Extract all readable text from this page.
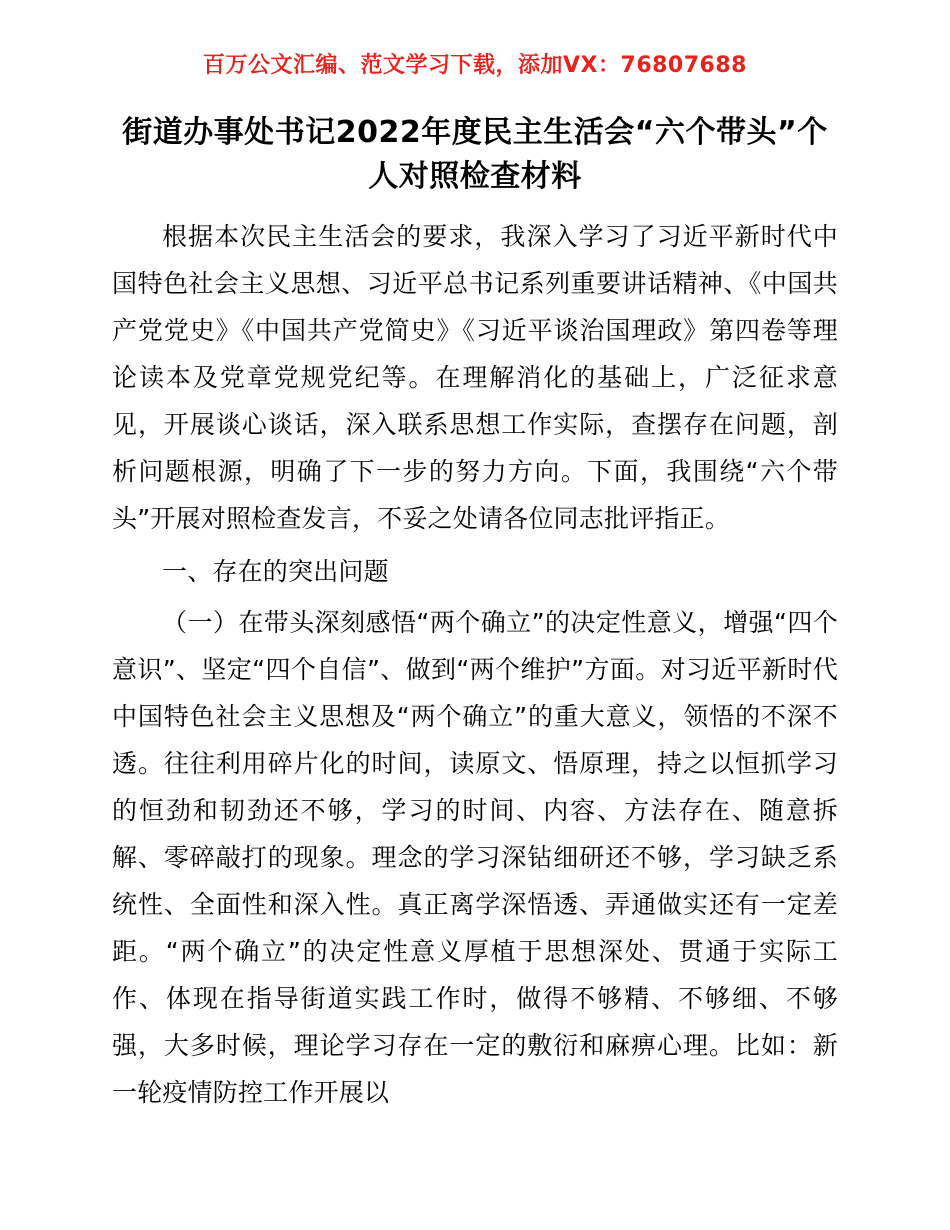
百万公文汇编、范文学习下载，添加VX：76807688
街道办事处书记2022年度民主生活会“六个带头”个人对照检查材料

根据本次民主生活会的要求，我深入学习了习近平新时代中国特色社会主义思想、习近平总书记系列重要讲话精神、《中国共产党党史》《中国共产党简史》《习近平谈治国理政》第四卷等理论读本及党章党规党纪等。在理解消化的基础上，广泛征求意见，开展谈心谈话，深入联系思想工作实际，查摆存在问题，剖析问题根源，明确了下一步的努力方向。下面，我围绕“六个带头”开展对照检查发言，不妥之处请各位同志批评指正。

一、存在的突出问题

（一）在带头深刻感悟“两个确立”的决定性意义，增强“四个意识”、坚定“四个自信”、做到“两个维护”方面。对习近平新时代中国特色社会主义思想及“两个确立”的重大意义，领悟的不深不透。往往利用碎片化的时间，读原文、悟原理，持之以恒抓学习的恒劲和韧劲还不够，学习的时间、内容、方法存在、随意拆解、零碎敲打的现象。理念的学习深钻细研还不够，学习缺乏系统性、全面性和深入性。真正离学深悟透、弄通做实还有一定差距。“两个确立”的决定性意义厚植于思想深处、贯通于实际工作、体现在指导街道实践工作时，做得不够精、不够细、不够强，大多时候，理论学习存在一定的敷衍和麻痹心理。比如：新一轮疫情防控工作开展以
